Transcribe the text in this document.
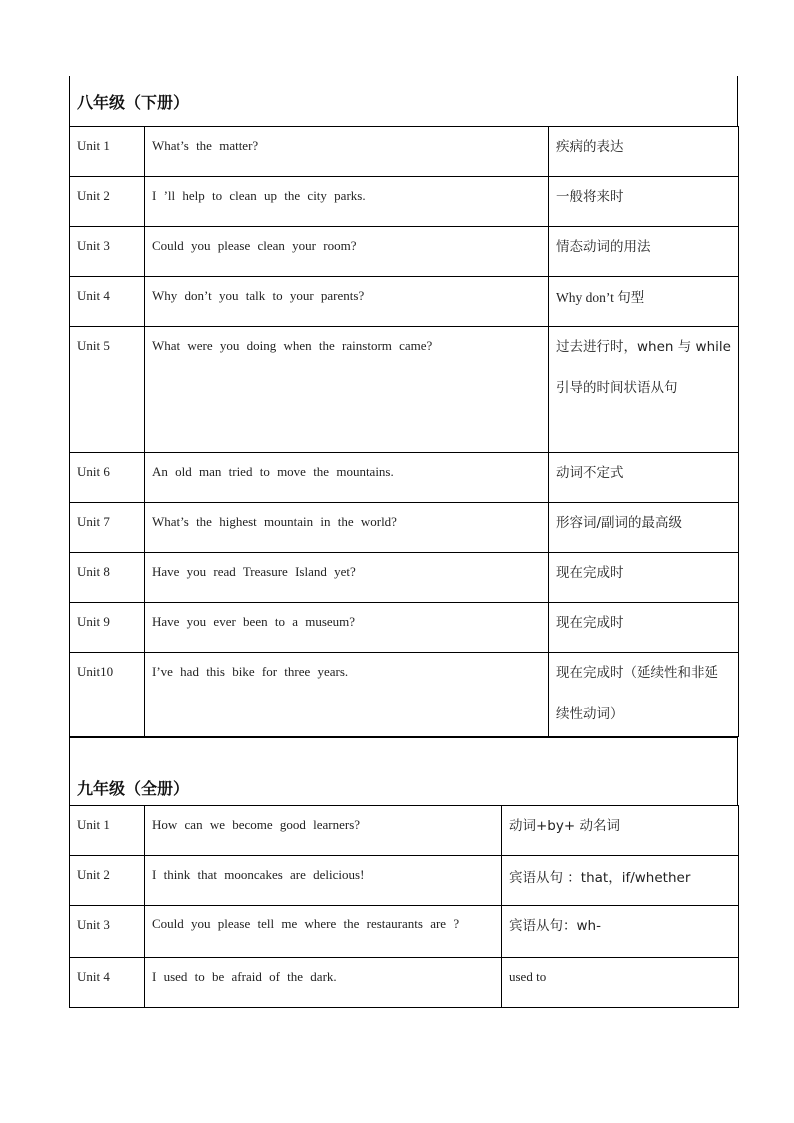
八年级（下册）
Unit 1	What’s the matter?	疾病的表达
Unit 2	I ’ll help to clean up the city parks.	一般将来时
Unit 3	Could you please clean your room?	情态动词的用法
Unit 4	Why don’t you talk to your parents?	Why don’t 句型
Unit 5	What were you doing when the rainstorm came?	过去进行时，when 与 while 引导的时间状语从句
Unit 6	An old man tried to move the mountains.	动词不定式
Unit 7	What’s the highest mountain in the world?	形容词/副词的最高级
Unit 8	Have you read Treasure Island yet?	现在完成时
Unit 9	Have you ever been to a museum?	现在完成时
Unit10	I’ve had this bike for three years.	现在完成时（延续性和非延续性动词）
九年级（全册）
Unit 1	How can we become good learners?	动词+by+ 动名词
Unit 2	I think that mooncakes are delicious!	宾语从句 ：that，if/whether
Unit 3	Could you please tell me where the restaurants are ?	宾语从句：wh-
Unit 4	I used to be afraid of the dark.	used to
